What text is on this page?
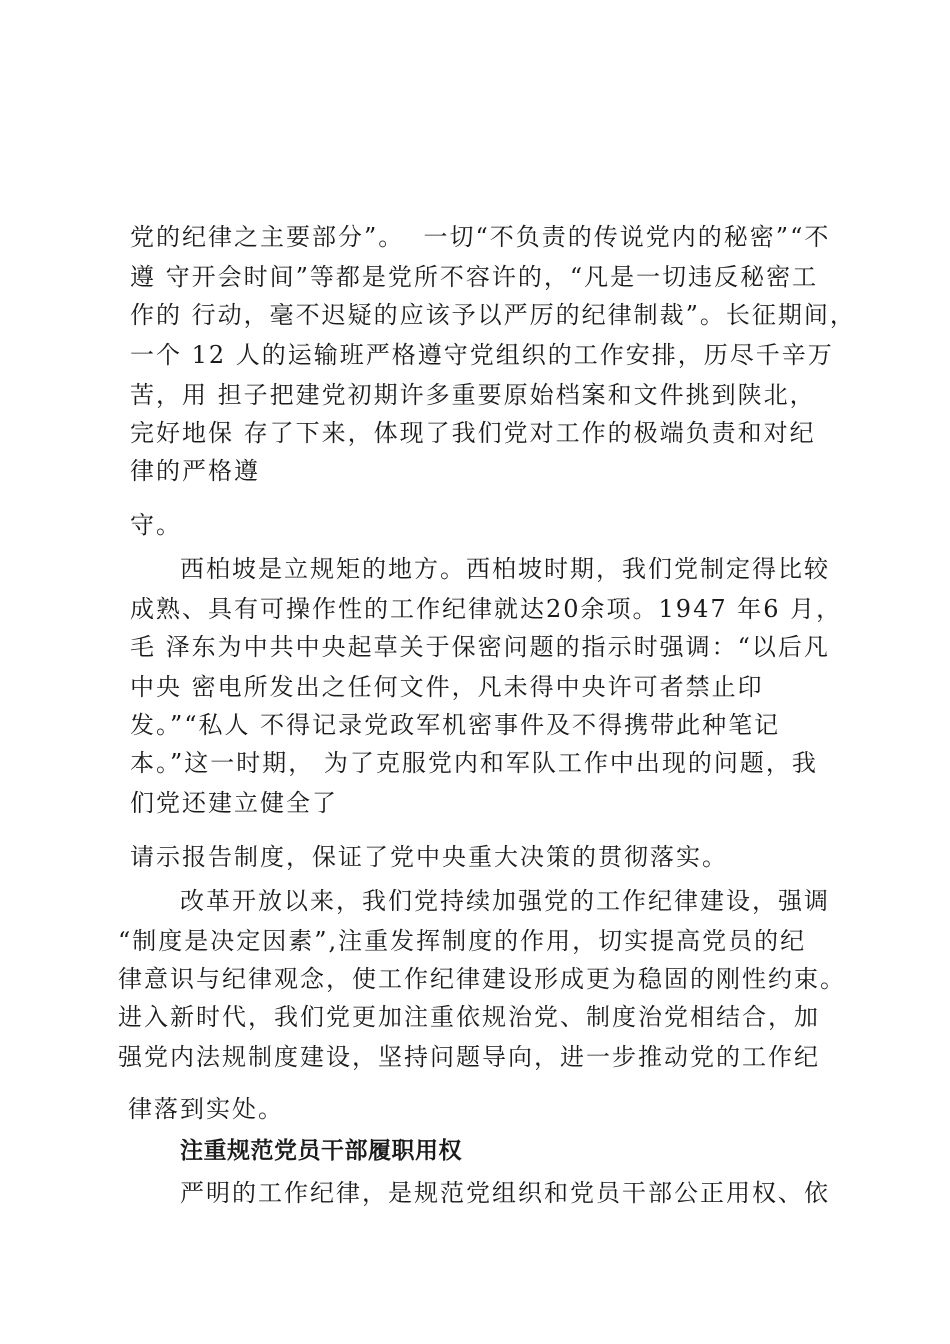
党的纪律之主要部分”。  一切“不负责的传说党内的秘密”“不
遵 守开会时间”等都是党所不容许的，“凡是一切违反秘密工
作的 行动，毫不迟疑的应该予以严厉的纪律制裁”。长征期间，
一个 12 人的运输班严格遵守党组织的工作安排，历尽千辛万
苦，用 担子把建党初期许多重要原始档案和文件挑到陕北，
完好地保 存了下来，体现了我们党对工作的极端负责和对纪
律的严格遵
守。
西柏坡是立规矩的地方。西柏坡时期，我们党制定得比较
成熟、具有可操作性的工作纪律就达20余项。1947 年6 月，
毛 泽东为中共中央起草关于保密问题的指示时强调：“以后凡
中央 密电所发出之任何文件，凡未得中央许可者禁止印
发。”“私人 不得记录党政军机密事件及不得携带此种笔记
本。”这一时期， 为了克服党内和军队工作中出现的问题，我
们党还建立健全了
请示报告制度，保证了党中央重大决策的贯彻落实。
改革开放以来，我们党持续加强党的工作纪律建设，强调
“制度是决定因素”,注重发挥制度的作用，切实提高党员的纪
律意识与纪律观念，使工作纪律建设形成更为稳固的刚性约束。
进入新时代，我们党更加注重依规治党、制度治党相结合，加
强党内法规制度建设，坚持问题导向，进一步推动党的工作纪
律落到实处。
注重规范党员干部履职用权
严明的工作纪律，是规范党组织和党员干部公正用权、依
